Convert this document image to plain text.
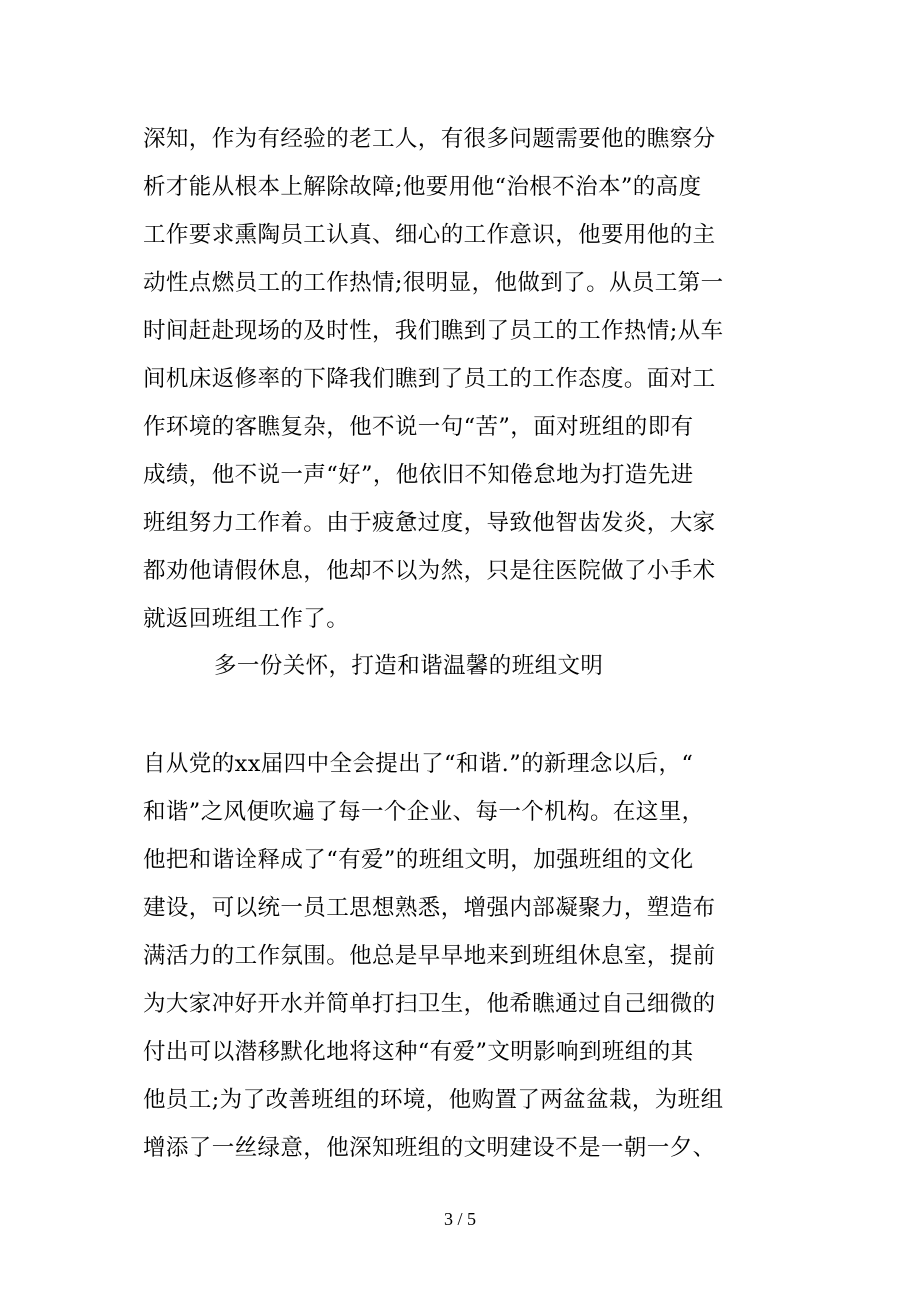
深知，作为有经验的老工人，有很多问题需要他的瞧察分
析才能从根本上解除故障;他要用他“治根不治本”的高度
工作要求熏陶员工认真、细心的工作意识，他要用他的主
动性点燃员工的工作热情;很明显，他做到了。从员工第一
时间赶赴现场的及时性，我们瞧到了员工的工作热情;从车
间机床返修率的下降我们瞧到了员工的工作态度。面对工
作环境的客瞧复杂，他不说一句“苦”，面对班组的即有
成绩，他不说一声“好”，他依旧不知倦怠地为打造先进
班组努力工作着。由于疲惫过度，导致他智齿发炎，大家
都劝他请假休息，他却不以为然，只是往医院做了小手术
就返回班组工作了。
多一份关怀，打造和谐温馨的班组文明
自从党的xx届四中全会提出了“和谐.”的新理念以后，“
和谐”之风便吹遍了每一个企业、每一个机构。在这里，
他把和谐诠释成了“有爱”的班组文明，加强班组的文化
建设，可以统一员工思想熟悉，增强内部凝聚力，塑造布
满活力的工作氛围。他总是早早地来到班组休息室，提前
为大家冲好开水并简单打扫卫生，他希瞧通过自己细微的
付出可以潜移默化地将这种“有爱”文明影响到班组的其
他员工;为了改善班组的环境，他购置了两盆盆栽，为班组
增添了一丝绿意，他深知班组的文明建设不是一朝一夕、
3 / 5
